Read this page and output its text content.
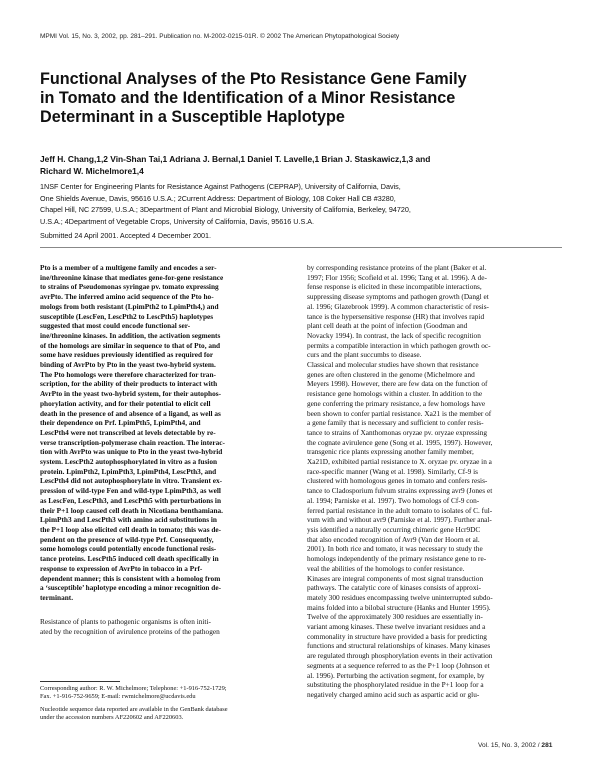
MPMI Vol. 15, No. 3, 2002, pp. 281–291. Publication no. M-2002-0215-01R. © 2002 The American Phytopathological Society
Functional Analyses of the Pto Resistance Gene Family
in Tomato and the Identification of a Minor Resistance
Determinant in a Susceptible Haplotype
Jeff H. Chang,1,2 Vin-Shan Tai,1 Adriana J. Bernal,1 Daniel T. Lavelle,1 Brian J. Staskawicz,1,3 and
Richard W. Michelmore1,4
1NSF Center for Engineering Plants for Resistance Against Pathogens (CEPRAP), University of California, Davis,
One Shields Avenue, Davis, 95616 U.S.A.; 2Current Address: Department of Biology, 108 Coker Hall CB #3280,
Chapel Hill, NC 27599, U.S.A.; 3Department of Plant and Microbial Biology, University of California, Berkeley, 94720,
U.S.A.; 4Department of Vegetable Crops, University of California, Davis, 95616 U.S.A.
Submitted 24 April 2001. Accepted 4 December 2001.
Pto is a member of a multigene family and encodes a ser-
ine/threonine kinase that mediates gene-for-gene resistance
to strains of Pseudomonas syringae pv. tomato expressing
avrPto. The inferred amino acid sequence of the Pto ho-
mologs from both resistant (LpimPth2 to LpimPth4,) and
susceptible (LescFen, LescPth2 to LescPth5) haplotypes
suggested that most could encode functional ser-
ine/threonine kinases. In addition, the activation segments
of the homologs are similar in sequence to that of Pto, and
some have residues previously identified as required for
binding of AvrPto by Pto in the yeast two-hybrid system.
The Pto homologs were therefore characterized for tran-
scription, for the ability of their products to interact with
AvrPto in the yeast two-hybrid system, for their autophos-
phorylation activity, and for their potential to elicit cell
death in the presence of and absence of a ligand, as well as
their dependence on Prf. LpimPth5, LpimPth4, and
LescPth4 were not transcribed at levels detectable by re-
verse transcription-polymerase chain reaction. The interac-
tion with AvrPto was unique to Pto in the yeast two-hybrid
system. LescPth2 autophosphorylated in vitro as a fusion
protein. LpimPth2, LpimPth3, LpimPth4, LescPth3, and
LescPth4 did not autophosphorylate in vitro. Transient ex-
pression of wild-type Fen and wild-type LpimPth3, as well
as LescFen, LescPth3, and LescPth5 with perturbations in
their P+1 loop caused cell death in Nicotiana benthamiana.
LpimPth3 and LescPth3 with amino acid substitutions in
the P+1 loop also elicited cell death in tomato; this was de-
pendent on the presence of wild-type Prf. Consequently,
some homologs could potentially encode functional resis-
tance proteins. LescPth5 induced cell death specifically in
response to expression of AvrPto in tobacco in a Prf-
dependent manner; this is consistent with a homolog from
a ‘susceptible’ haplotype encoding a minor recognition de-
terminant.
Resistance of plants to pathogenic organisms is often initi-
ated by the recognition of avirulence proteins of the pathogen
by corresponding resistance proteins of the plant (Baker et al.
1997; Flor 1956; Scofield et al. 1996; Tang et al. 1996). A de-
fense response is elicited in these incompatible interactions,
suppressing disease symptoms and pathogen growth (Dangl et
al. 1996; Glazebrook 1999). A common characteristic of resis-
tance is the hypersensitive response (HR) that involves rapid
plant cell death at the point of infection (Goodman and
Novacky 1994). In contrast, the lack of specific recognition
permits a compatible interaction in which pathogen growth oc-
curs and the plant succumbs to disease.
Classical and molecular studies have shown that resistance
genes are often clustered in the genome (Michelmore and
Meyers 1998). However, there are few data on the function of
resistance gene homologs within a cluster. In addition to the
gene conferring the primary resistance, a few homologs have
been shown to confer partial resistance. Xa21 is the member of
a gene family that is necessary and sufficient to confer resis-
tance to strains of Xanthomonas oryzae pv. oryzae expressing
the cognate avirulence gene (Song et al. 1995, 1997). However,
transgenic rice plants expressing another family member,
Xa21D, exhibited partial resistance to X. oryzae pv. oryzae in a
race-specific manner (Wang et al. 1998). Similarly, Cf-9 is
clustered with homologous genes in tomato and confers resis-
tance to Cladosporium fulvum strains expressing avr9 (Jones et
al. 1994; Parniske et al. 1997). Two homologs of Cf-9 con-
ferred partial resistance in the adult tomato to isolates of C. ful-
vum with and without avr9 (Parniske et al. 1997). Further anal-
ysis identified a naturally occurring chimeric gene Hcr9DC
that also encoded recognition of Avr9 (Van der Hoorn et al.
2001). In both rice and tomato, it was necessary to study the
homologs independently of the primary resistance gene to re-
veal the abilities of the homologs to confer resistance.
Kinases are integral components of most signal transduction
pathways. The catalytic core of kinases consists of approxi-
mately 300 residues encompassing twelve uninterrupted subdo-
mains folded into a bilobal structure (Hanks and Hunter 1995).
Twelve of the approximately 300 residues are essentially in-
variant among kinases. These twelve invariant residues and a
commonality in structure have provided a basis for predicting
functions and structural relationships of kinases. Many kinases
are regulated through phosphorylation events in their activation
segments at a sequence referred to as the P+1 loop (Johnson et
al. 1996). Perturbing the activation segment, for example, by
substituting the phosphorylated residue in the P+1 loop for a
negatively charged amino acid such as aspartic acid or glu-
Corresponding author: R. W. Michelmore; Telephone: +1-916-752-1729;
Fax. +1-916-752-9659; E-mail: rwmichelmore@ucdavis.edu
Nucleotide sequence data reported are available in the GenBank database
under the accession numbers AF220602 and AF220603.
Vol. 15, No. 3, 2002 / 281
